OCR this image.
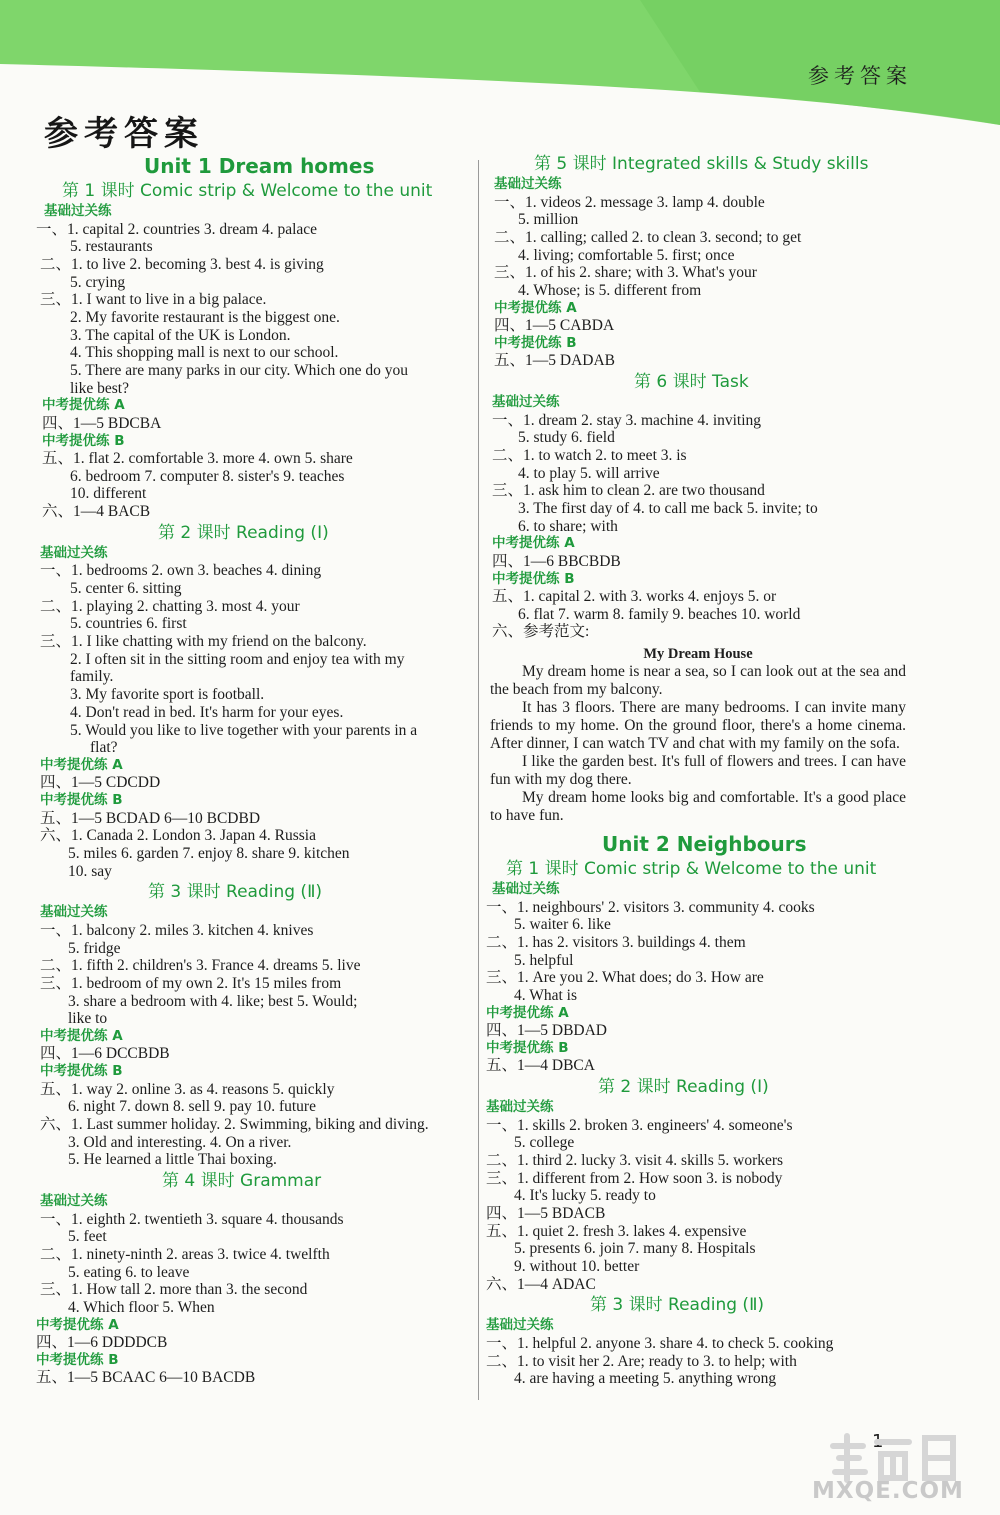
参考答案
参考答案
Unit 1 Dream homes
第 1 课时 Comic strip & Welcome to the unit
基础过关练
一、1. capital 2. countries 3. dream 4. palace
5. restaurants
二、1. to live 2. becoming 3. best 4. is giving
5. crying
三、1. I want to live in a big palace.
2. My favorite restaurant is the biggest one.
3. The capital of the UK is London.
4. This shopping mall is next to our school.
5. There are many parks in our city. Which one do you
like best?
中考提优练 A
四、1—5 BDCBA
中考提优练 B
五、1. flat 2. comfortable 3. more 4. own 5. share
6. bedroom 7. computer 8. sister's 9. teaches
10. different
六、1—4 BACB
第 2 课时 Reading (I)
基础过关练
一、1. bedrooms 2. own 3. beaches 4. dining
5. center 6. sitting
二、1. playing 2. chatting 3. most 4. your
5. countries 6. first
三、1. I like chatting with my friend on the balcony.
2. I often sit in the sitting room and enjoy tea with my
family.
3. My favorite sport is football.
4. Don't read in bed. It's harm for your eyes.
5. Would you like to live together with your parents in a
flat?
中考提优练 A
四、1—5 CDCDD
中考提优练 B
五、1—5 BCDAD 6—10 BCDBD
六、1. Canada 2. London 3. Japan 4. Russia
5. miles 6. garden 7. enjoy 8. share 9. kitchen
10. say
第 3 课时 Reading (Ⅱ)
基础过关练
一、1. balcony 2. miles 3. kitchen 4. knives
5. fridge
二、1. fifth 2. children's 3. France 4. dreams 5. live
三、1. bedroom of my own 2. It's 15 miles from
3. share a bedroom with 4. like; best 5. Would;
like to
中考提优练 A
四、1—6 DCCBDB
中考提优练 B
五、1. way 2. online 3. as 4. reasons 5. quickly
6. night 7. down 8. sell 9. pay 10. future
六、1. Last summer holiday. 2. Swimming, biking and diving.
3. Old and interesting. 4. On a river.
5. He learned a little Thai boxing.
第 4 课时 Grammar
基础过关练
一、1. eighth 2. twentieth 3. square 4. thousands
5. feet
二、1. ninety-ninth 2. areas 3. twice 4. twelfth
5. eating 6. to leave
三、1. How tall 2. more than 3. the second
4. Which floor 5. When
中考提优练 A
四、1—6 DDDDCB
中考提优练 B
五、1—5 BCAAC 6—10 BACDB
第 5 课时 Integrated skills & Study skills
基础过关练
一、1. videos 2. message 3. lamp 4. double
5. million
二、1. calling; called 2. to clean 3. second; to get
4. living; comfortable 5. first; once
三、1. of his 2. share; with 3. What's your
4. Whose; is 5. different from
中考提优练 A
四、1—5 CABDA
中考提优练 B
五、1—5 DADAB
第 6 课时 Task
基础过关练
一、1. dream 2. stay 3. machine 4. inviting
5. study 6. field
二、1. to watch 2. to meet 3. is
4. to play 5. will arrive
三、1. ask him to clean 2. are two thousand
3. The first day of 4. to call me back 5. invite; to
6. to share; with
中考提优练 A
四、1—6 BBCBDB
中考提优练 B
五、1. capital 2. with 3. works 4. enjoys 5. or
6. flat 7. warm 8. family 9. beaches 10. world
六、参考范文:
My Dream House
My dream home is near a sea, so I can look out at the sea and the beach from my balcony.
It has 3 floors. There are many bedrooms. I can invite many friends to my home. On the ground floor, there's a home cinema. After dinner, I can watch TV and chat with my family on the sofa.
I like the garden best. It's full of flowers and trees. I can have fun with my dog there.
My dream home looks big and comfortable. It's a good place to have fun.
Unit 2 Neighbours
第 1 课时 Comic strip & Welcome to the unit
基础过关练
一、1. neighbours' 2. visitors 3. community 4. cooks
5. waiter 6. like
二、1. has 2. visitors 3. buildings 4. them
5. helpful
三、1. Are you 2. What does; do 3. How are
4. What is
中考提优练 A
四、1—5 DBDAD
中考提优练 B
五、1—4 DBCA
第 2 课时 Reading (I)
基础过关练
一、1. skills 2. broken 3. engineers' 4. someone's
5. college
二、1. third 2. lucky 3. visit 4. skills 5. workers
三、1. different from 2. How soon 3. is nobody
4. It's lucky 5. ready to
四、1—5 BDACB
五、1. quiet 2. fresh 3. lakes 4. expensive
5. presents 6. join 7. many 8. Hospitals
9. without 10. better
六、1—4 ADAC
第 3 课时 Reading (Ⅱ)
基础过关练
一、1. helpful 2. anyone 3. share 4. to check 5. cooking
二、1. to visit her 2. Are; ready to 3. to help; with
4. are having a meeting 5. anything wrong
1
MXQE.COM
